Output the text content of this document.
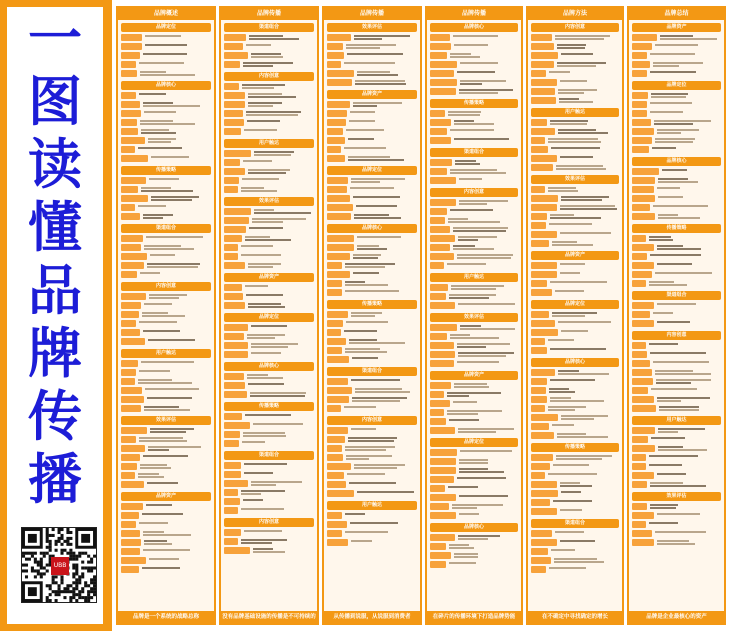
一
图
读
懂
品
牌
传
播
UBB
品牌概述
品牌定位
品牌核心
传播策略
渠道组合
内容创意
用户触达
效果评估
品牌资产
品牌是一个系统的战略总称
品牌传播
渠道组合
内容创意
用户触达
效果评估
品牌资产
品牌定位
品牌核心
传播策略
渠道组合
内容创意
没有品牌基础设施的传播是不可持续的
品牌传播
效果评估
品牌资产
品牌定位
品牌核心
传播策略
渠道组合
内容创意
用户触达
从传播到说服，从说服到消费者
品牌传播
品牌核心
传播策略
渠道组合
内容创意
用户触达
效果评估
品牌资产
品牌定位
品牌核心
在碎片的传播环境下打造品牌势能
品牌方法
内容创意
用户触达
效果评估
品牌资产
品牌定位
品牌核心
传播策略
渠道组合
在不确定中寻找确定的增长
品牌总结
品牌资产
品牌定位
品牌核心
传播策略
渠道组合
内容创意
用户触达
效果评估
品牌是企业最核心的资产
